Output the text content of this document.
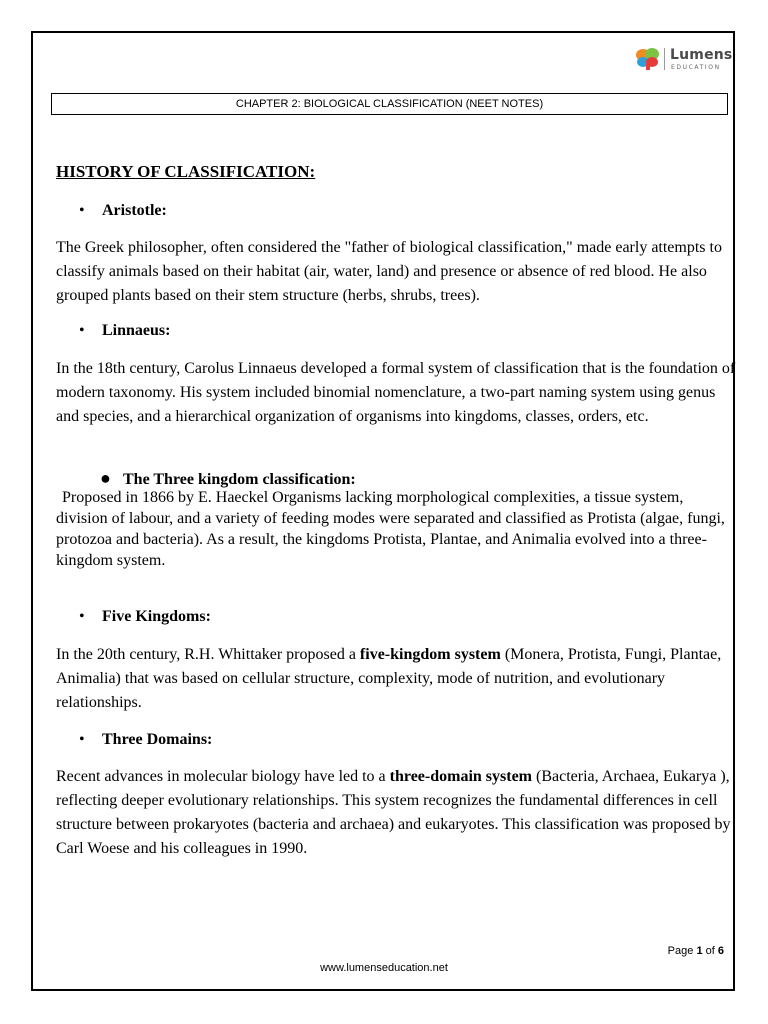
Lumens
EDUCATION
CHAPTER 2: BIOLOGICAL CLASSIFICATION (NEET NOTES)
HISTORY OF CLASSIFICATION:
• Aristotle:
The Greek philosopher, often considered the "father of biological classification," made early attempts to classify animals based on their habitat (air, water, land) and presence or absence of red blood. He also grouped plants based on their stem structure (herbs, shrubs, trees).
• Linnaeus:
In the 18th century, Carolus Linnaeus developed a formal system of classification that is the foundation of modern taxonomy. His system included binomial nomenclature, a two-part naming system using genus and species, and a hierarchical organization of organisms into kingdoms, classes, orders, etc.
● The Three kingdom classification:
Proposed in 1866 by E. Haeckel Organisms lacking morphological complexities, a tissue system, division of labour, and a variety of feeding modes were separated and classified as Protista (algae, fungi, protozoa and bacteria). As a result, the kingdoms Protista, Plantae, and Animalia evolved into a three-kingdom system.
• Five Kingdoms:
In the 20th century, R.H. Whittaker proposed a five-kingdom system (Monera, Protista, Fungi, Plantae, Animalia) that was based on cellular structure, complexity, mode of nutrition, and evolutionary relationships.
• Three Domains:
Recent advances in molecular biology have led to a three-domain system (Bacteria, Archaea, Eukarya ), reflecting deeper evolutionary relationships. This system recognizes the fundamental differences in cell structure between prokaryotes (bacteria and archaea) and eukaryotes. This classification was proposed by Carl Woese and his colleagues in 1990.
Page 1 of 6
www.lumenseducation.net
